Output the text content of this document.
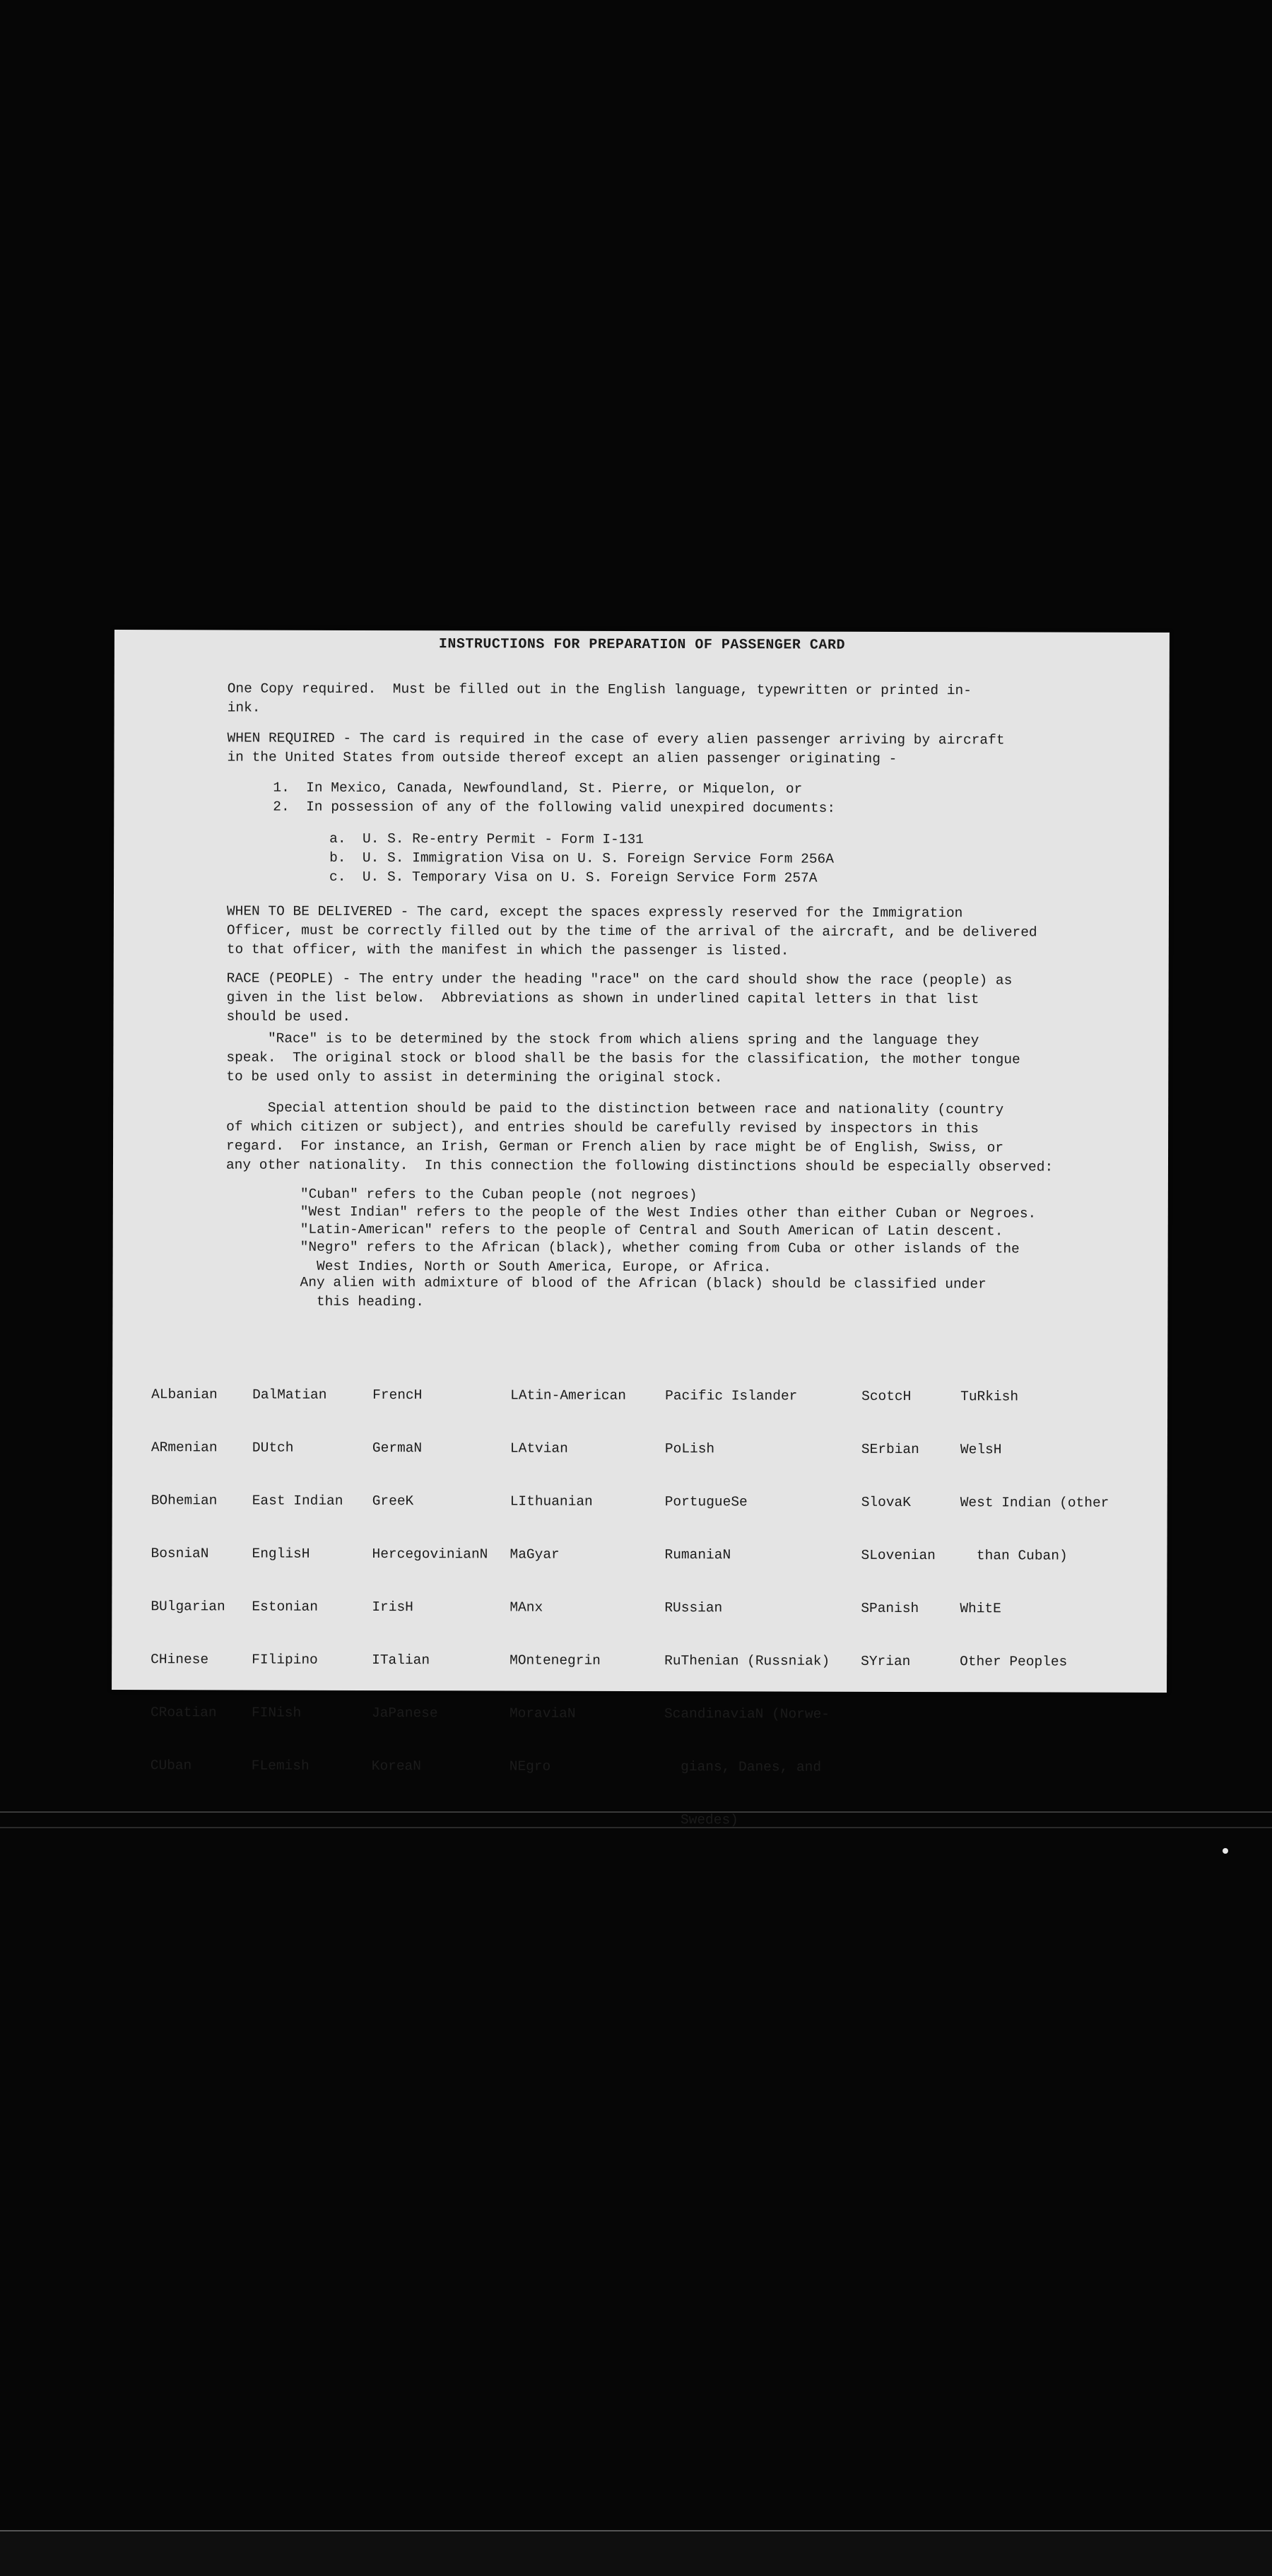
INSTRUCTIONS FOR PREPARATION OF PASSENGER CARD

One Copy required.  Must be filled out in the English language, typewritten or printed in-
ink.

WHEN REQUIRED - The card is required in the case of every alien passenger arriving by aircraft
in the United States from outside thereof except an alien passenger originating -

1.  In Mexico, Canada, Newfoundland, St. Pierre, or Miquelon, or

2.  In possession of any of the following valid unexpired documents:

a.  U. S. Re-entry Permit - Form I-131

b.  U. S. Immigration Visa on U. S. Foreign Service Form 256A

c.  U. S. Temporary Visa on U. S. Foreign Service Form 257A

WHEN TO BE DELIVERED - The card, except the spaces expressly reserved for the Immigration
Officer, must be correctly filled out by the time of the arrival of the aircraft, and be delivered
to that officer, with the manifest in which the passenger is listed.

RACE (PEOPLE) - The entry under the heading "race" on the card should show the race (people) as
given in the list below.  Abbreviations as shown in underlined capital letters in that list
should be used.

"Race" is to be determined by the stock from which aliens spring and the language they
speak.  The original stock or blood shall be the basis for the classification, the mother tongue
to be used only to assist in determining the original stock.

Special attention should be paid to the distinction between race and nationality (country
of which citizen or subject), and entries should be carefully revised by inspectors in this
regard.  For instance, an Irish, German or French alien by race might be of English, Swiss, or
any other nationality.  In this connection the following distinctions should be especially observed:

"Cuban" refers to the Cuban people (not negroes)

"West Indian" refers to the people of the West Indies other than either Cuban or Negroes.

"Latin-American" refers to the people of Central and South American of Latin descent.

"Negro" refers to the African (black), whether coming from Cuba or other islands of the
West Indies, North or South America, Europe, or Africa.

Any alien with admixture of blood of the African (black) should be classified under
this heading.

ALbanian

ARmenian

BOhemian

BosniaN

BUlgarian

CHinese

CRoatian

CUban

DalMatian

DUtch

East Indian

EnglisH

Estonian

FIlipino

FINish

FLemish

FrencH

GermaN

GreeK

HercegovinianN

IrisH

ITalian

JaPanese

KoreaN

LAtin-American

LAtvian

LIthuanian

MaGyar

MAnx

MOntenegrin

MoraviaN

NEgro

Pacific Islander

PoLish

PortugueSe

RumaniaN

RUssian

RuThenian (Russniak)

ScandinaviaN (Norwe-

gians, Danes, and

Swedes)

ScotcH

SErbian

SlovaK

SLovenian

SPanish

SYrian

TuRkish

WelsH

West Indian (other

than Cuban)

WhitE

Other Peoples
